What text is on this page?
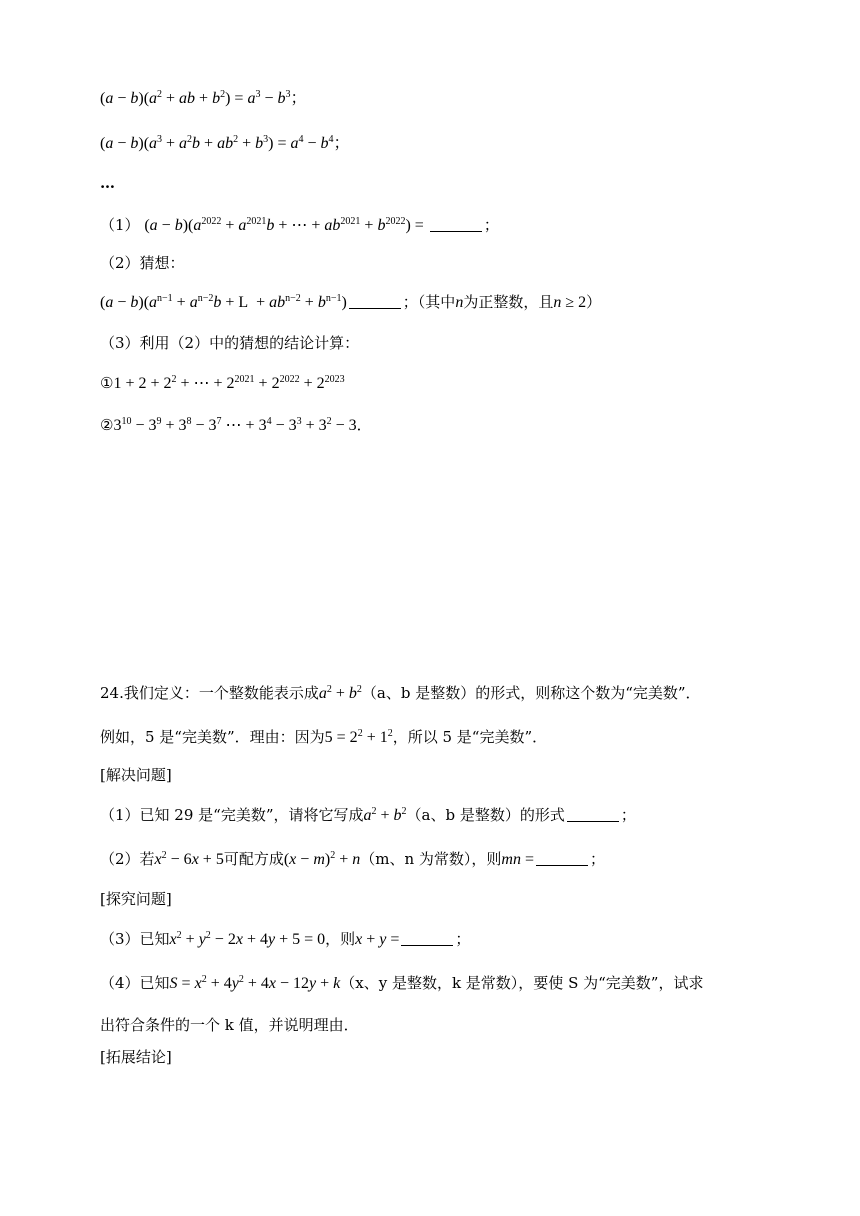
$(a - b)(a^2$ + ab + $b^2) = a^3 - b^3$；
$(a - b)(a^3 + a^2b + ab^2 + b^3) = a^4 - b^4$；
…
（1） $(a - b)(a^{2022} + a^{2021}b$ + ⋯ + $ab^{2021} + b^{2022}$) =	；
（2）猜想：
$(a - b)(a^{n-1} + a^{n-2}b + L + ab^{n-2} + b^{n-1})$	；（其中n为正整数，且n ≥ 2）
（3）利用（2）中的猜想的结论计算：
①1 + $2 + 2^2$ + ⋯ + $2^{2021} + 2^{2022} + 2^{2023}$
$②3^{10} - 3^9 + 3^8 - 3^7$ ⋯ + $3^4 - 3^3 + 3^2 - 3$．
24.我们定义：一个整数能表示成$a^2 + b^2(a$、b 是整数）的形式，则称这个数为“完美数”．
例如，5 是“完美数”．理由：因为$5 = 2^2 + 1^2$，所以 5 是“完美数”．
[解决问题]
（1）已知 29 是“完美数”，请将它写成$a^2 + b^2(a$、b 是整数）的形式	；
（2）若$x^2 - 6x + 5$可配方成$(x - m)^2 + n(m$、n 为常数），则mn =	；
[探究问题]
（3）已知$x^2 + y^2 - 2x + 4y + 5 = 0$，则x + y =	；
（4）已知$S = x^2 + 4y^2 + 4x - 12y + k(x$、y 是整数，k 是常数），要使 S 为“完美数”，试求
出符合条件的一个 k 值，并说明理由．
[拓展结论]
